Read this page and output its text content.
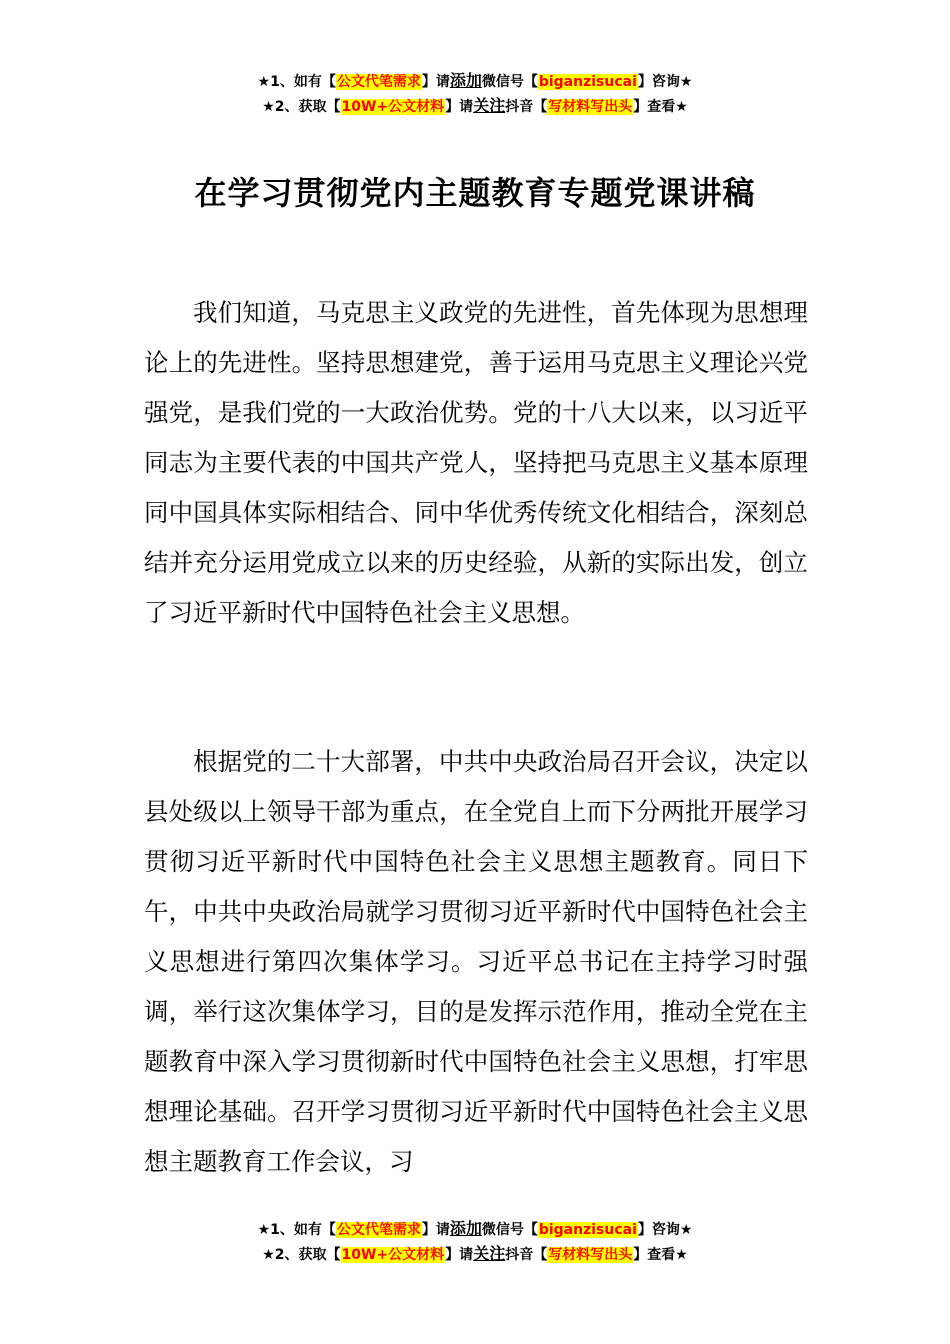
★1、如有【公文代笔需求】请添加微信号【biganzisucai】咨询★
★2、获取【10W+公文材料】请关注抖音【写材料写出头】查看★
在学习贯彻党内主题教育专题党课讲稿

我们知道，马克思主义政党的先进性，首先体现为思想理论上的先进性。坚持思想建党，善于运用马克思主义理论兴党强党，是我们党的一大政治优势。党的十八大以来，以习近平同志为主要代表的中国共产党人，坚持把马克思主义基本原理同中国具体实际相结合、同中华优秀传统文化相结合，深刻总结并充分运用党成立以来的历史经验，从新的实际出发，创立了习近平新时代中国特色社会主义思想。

根据党的二十大部署，中共中央政治局召开会议，决定以县处级以上领导干部为重点，在全党自上而下分两批开展学习贯彻习近平新时代中国特色社会主义思想主题教育。同日下午，中共中央政治局就学习贯彻习近平新时代中国特色社会主义思想进行第四次集体学习。习近平总书记在主持学习时强调，举行这次集体学习，目的是发挥示范作用，推动全党在主题教育中深入学习贯彻新时代中国特色社会主义思想，打牢思想理论基础。召开学习贯彻习近平新时代中国特色社会主义思想主题教育工作会议，习

★1、如有【公文代笔需求】请添加微信号【biganzisucai】咨询★
★2、获取【10W+公文材料】请关注抖音【写材料写出头】查看★
